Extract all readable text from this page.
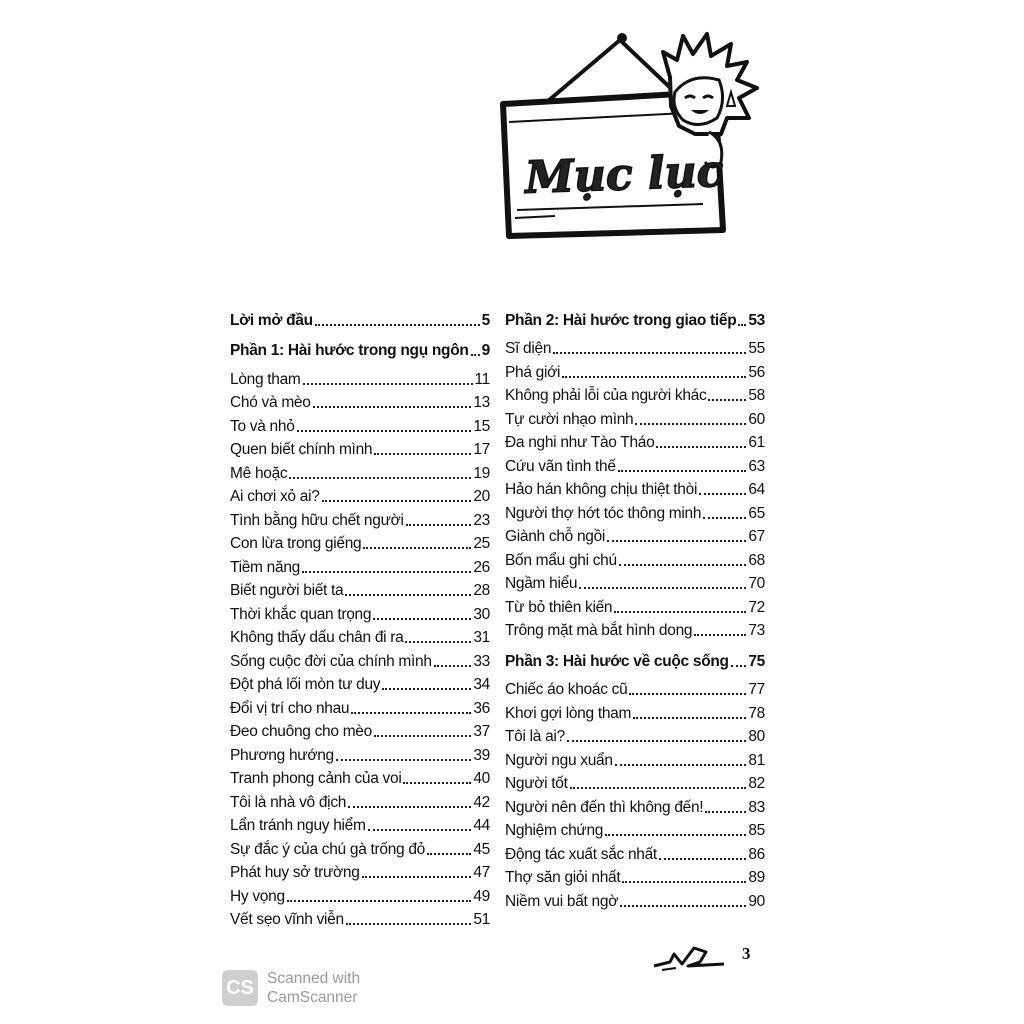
Mục lục
Lời mở đầu	5
Phần 1: Hài hước trong ngụ ngôn 9
Lòng tham	11
Chó và mèo	13
To và nhỏ	15
Quen biết chính mình	17
Mê hoặc	19
Ai chơi xỏ ai?	20
Tình bằng hữu chết người	23
Con lừa trong giếng	25
Tiềm năng	26
Biết người biết ta	28
Thời khắc quan trọng	30
Không thấy dấu chân đi ra	31
Sống cuộc đời của chính mình	33
Đột phá lối mòn tư duy	34
Đổi vị trí cho nhau	36
Đeo chuông cho mèo	37
Phương hướng	39
Tranh phong cảnh của voi	40
Tôi là nhà vô địch	42
Lẩn tránh nguy hiểm	44
Sự đắc ý của chú gà trống đỏ	45
Phát huy sở trường	47
Hy vọng	49
Vết sẹo vĩnh viễn	51
Phần 2: Hài hước trong giao tiếp 53
Sĩ diện	55
Phá giới	56
Không phải lỗi của người khác	58
Tự cười nhạo mình	60
Đa nghi như Tào Tháo	61
Cứu vãn tình thế	63
Hảo hán không chịu thiệt thòi	64
Người thợ hớt tóc thông minh	65
Giành chỗ ngồi	67
Bốn mẩu ghi chú	68
Ngầm hiểu	70
Từ bỏ thiên kiến	72
Trông mặt mà bắt hình dong	73
Phần 3: Hài hước về cuộc sống 75
Chiếc áo khoác cũ	77
Khơi gợi lòng tham	78
Tôi là ai?	80
Người ngu xuẩn	81
Người tốt	82
Người nên đến thì không đến!	83
Nghiệm chứng	85
Động tác xuất sắc nhất	86
Thợ săn giỏi nhất	89
Niềm vui bất ngờ	90
3
CS Scanned with
CamScanner
